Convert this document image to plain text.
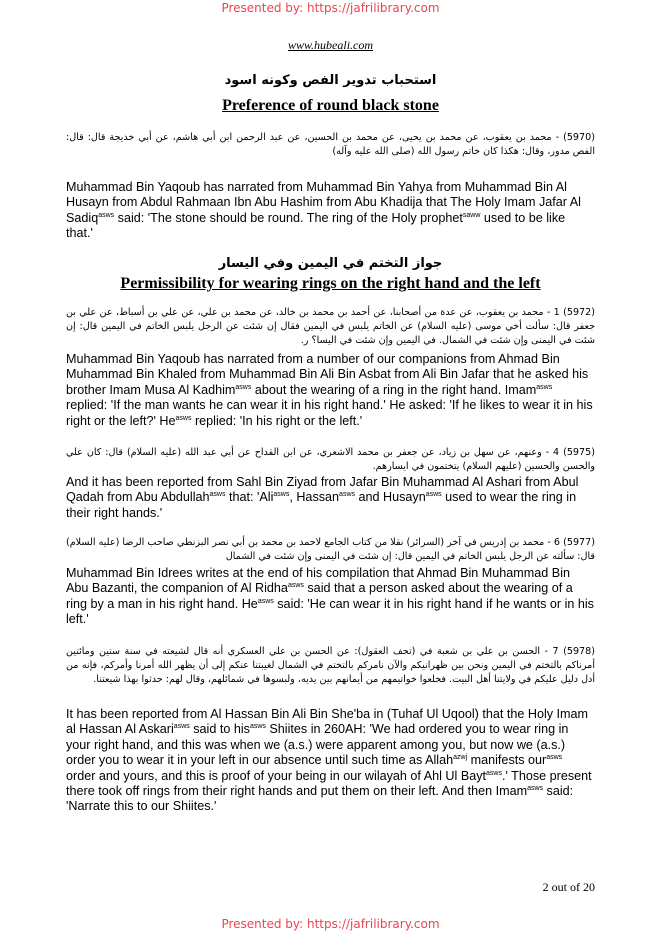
Presented by: https://jafrilibrary.com
www.hubeali.com
استحباب تدوير الفص وكونه اسود
Preference of round black stone
(5970) - محمد بن يعقوب، عن محمد بن يحيى، عن محمد بن الحسين، عن عبد الرحمن ابن أبي هاشم، عن أبي خديجة قال: قال: الفص مدور، وقال: هكذا كان خاتم رسول الله (صلى الله عليه وآله)
Muhammad Bin Yaqoub has narrated from Muhammad Bin Yahya from Muhammad Bin Al Husayn from Abdul Rahmaan Ibn Abu Hashim from Abu Khadija that The Holy Imam Jafar Al Sadiq$^{asws}$ said: 'The stone should be round. The ring of the Holy prophet$^{saww}$ used to be like that.'
جواز التختم في اليمين وفي اليسار
Permissibility for wearing rings on the right hand and the left
(5972) 1 - محمد بن يعقوب، عن عدة من أصحابنا، عن أحمد بن محمد بن خالد، عن محمد بن علي، عن علي بن أسباط، عن علي بن جعفر قال: سألت أخي موسى (عليه السلام) عن الخاتم يلبس في اليمين فقال إن شئت عن الرجل يلبس الخاتم في اليمين قال: إن شئت في اليمنى وإن شئت في الشمال. في اليمين وإن شئت في اليسا؟ ر.
Muhammad Bin Yaqoub has narrated from a number of our companions from Ahmad Bin Muhammad Bin Khaled from Muhammad Bin Ali Bin Asbat from Ali Bin Jafar that he asked his brother Imam Musa Al Kadhim$^{asws}$ about the wearing of a ring in the right hand. Imam$^{asws}$ replied: 'If the man wants he can wear it in his right hand.' He asked: 'If he likes to wear it in his right or the left?' $He^{asws}$ replied: 'In his right or the left.'
(5975) 4 - وعنهم، عن سهل بن زياد، عن جعفر بن محمد الاشعري، عن ابن القداح عن أبي عبد الله (عليه السلام) قال: كان علي والحسن والحسين (عليهم السلام) يتختمون في ايسارهم.
And it has been reported from Sahl Bin Ziyad from Jafar Bin Muhammad Al Ashari from Abul Qadah from Abu Abdullah$^{asws}$ that: 'Ali$^{asws}$, Hassan$^{asws}$ and Husayn$^{asws}$ used to wear the ring in their right hands.'
(5977) 6 - محمد بن إدريس في آخر (السرائر) نقلا من كتاب الجامع لاحمد بن محمد بن أبي نصر البزنطي صاحب الرضا (عليه السلام) قال: سألته عن الرجل يلبس الخاتم في اليمين قال: إن شئت في اليمنى وإن شئت في الشمال
Muhammad Bin Idrees writes at the end of his compilation that Ahmad Bin Muhammad Bin Abu Bazanti, the companion of Al Ridha$^{asws}$ said that a person asked about the wearing of a ring by a man in his right hand. $He^{asws}$ said: 'He can wear it in his right hand if he wants or in his left.'
(5978) 7 - الحسن بن علي بن شعبة في (تحف العقول): عن الحسن بن علي العسكري أنه قال لشيعته في سنة ستين ومائتين أمرناكم بالتختم في اليمين ونحن بين ظهرانيكم والآن نامركم بالتختم في الشمال لغيبتنا عنكم إلى أن يظهر الله أمرنا وأمركم، فإنه من أدل دليل عليكم في ولايتنا أهل البيت. فخلعوا خواتيمهم من أيمانهم بين يديه، ولبسوها في شمائلهم، وقال لهم: حدثوا بهذا شيعتنا.
It has been reported from Al Hassan Bin Ali Bin She'ba in (Tuhaf Ul Uqool) that the Holy Imam al Hassan Al Askari$^{asws}$ said to his$^{asws}$ Shiites in 260AH: 'We had ordered you to wear ring in your right hand, and this was when we (a.s.) were apparent among you, but now we (a.s.) order you to wear it in your left in our absence until such time as Allah$^{azwj}$ manifests our$^{asws}$ order and yours, and this is proof of your being in our wilayah of Ahl Ul Bayt$^{asws}$.' Those present there took off rings from their right hands and put them on their left. And then Imam$^{asws}$ said: 'Narrate this to our Shiites.'
2 out of 20
Presented by: https://jafrilibrary.com
